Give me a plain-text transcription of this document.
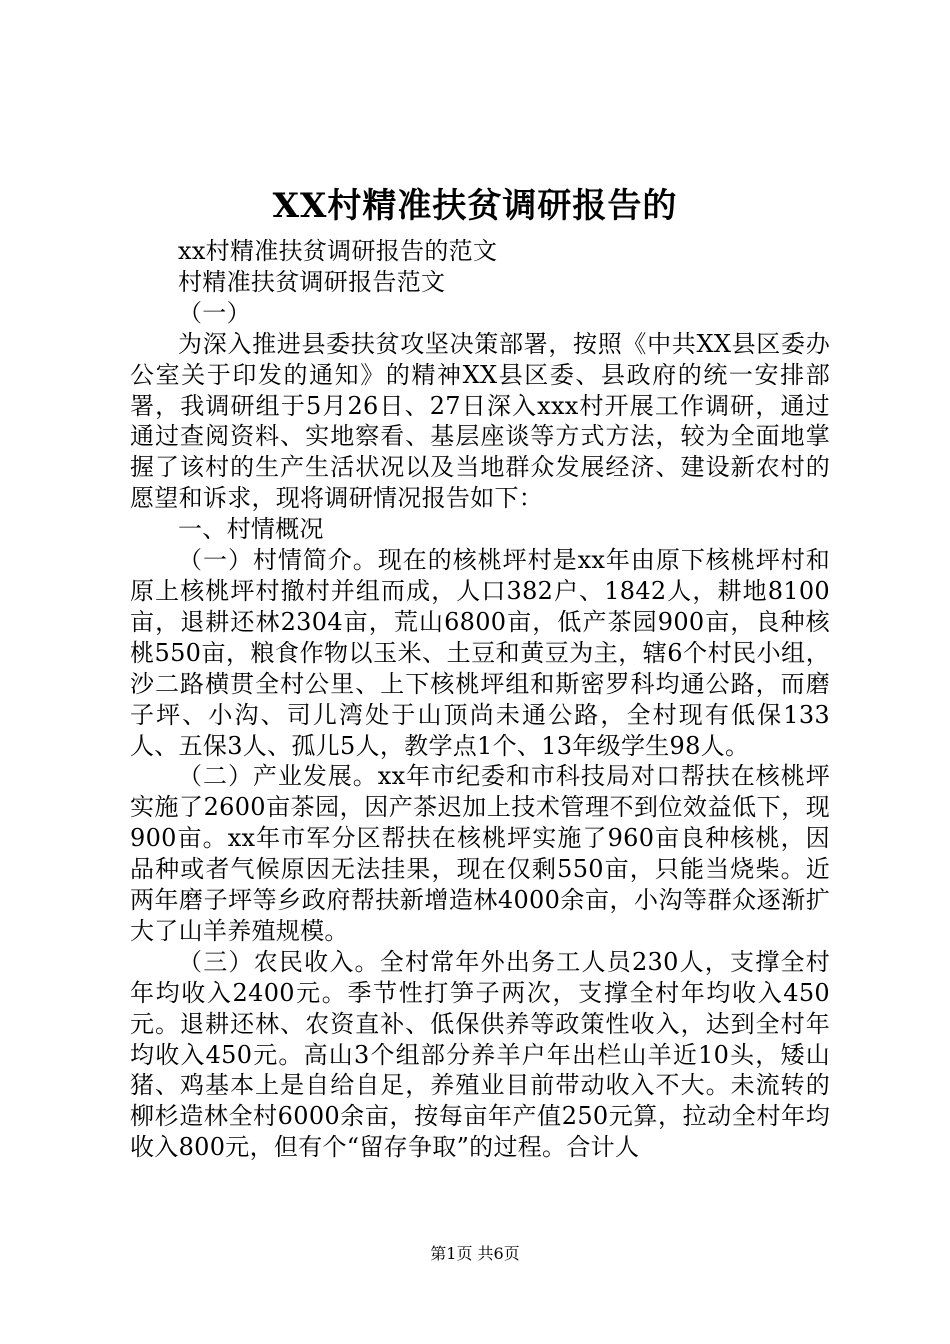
XX村精准扶贫调研报告的

xx村精准扶贫调研报告的范文

村精准扶贫调研报告范文

（一）

为深入推进县委扶贫攻坚决策部署，按照《中共XX县区委办公室关于印发的通知》的精神XX县区委、县政府的统一安排部署，我调研组于5月26日、27日深入xxx村开展工作调研，通过通过查阅资料、实地察看、基层座谈等方式方法，较为全面地掌握了该村的生产生活状况以及当地群众发展经济、建设新农村的愿望和诉求，现将调研情况报告如下：

一、村情概况

（一）村情简介。现在的核桃坪村是xx年由原下核桃坪村和原上核桃坪村撤村并组而成，人口382户、1842人，耕地8100亩，退耕还林2304亩，荒山6800亩，低产茶园900亩，良种核桃550亩，粮食作物以玉米、土豆和黄豆为主，辖6个村民小组，沙二路横贯全村公里、上下核桃坪组和斯密罗科均通公路，而磨子坪、小沟、司儿湾处于山顶尚未通公路，全村现有低保133人、五保3人、孤儿5人，教学点1个、13年级学生98人。

（二）产业发展。xx年市纪委和市科技局对口帮扶在核桃坪实施了2600亩茶园，因产茶迟加上技术管理不到位效益低下，现900亩。xx年市军分区帮扶在核桃坪实施了960亩良种核桃，因品种或者气候原因无法挂果，现在仅剩550亩，只能当烧柴。近两年磨子坪等乡政府帮扶新增造林4000余亩，小沟等群众逐渐扩大了山羊养殖规模。

（三）农民收入。全村常年外出务工人员230人，支撑全村年均收入2400元。季节性打笋子两次，支撑全村年均收入450元。退耕还林、农资直补、低保供养等政策性收入，达到全村年均收入450元。高山3个组部分养羊户年出栏山羊近10头，矮山猪、鸡基本上是自给自足，养殖业目前带动收入不大。未流转的柳杉造林全村6000余亩，按每亩年产值250元算，拉动全村年均收入800元，但有个“留存争取”的过程。合计人

第1页 共6页
